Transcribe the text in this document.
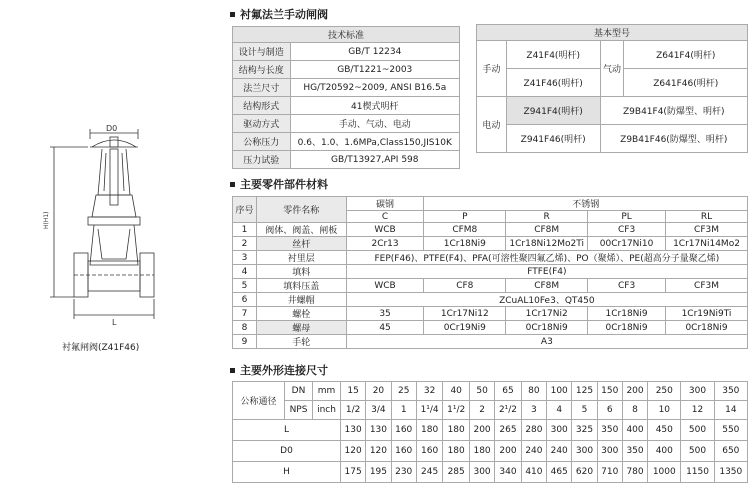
D0
H(H1)
L
衬氟闸阀(Z41F46)
衬氟法兰手动闸阀
技术标准	
设计与制造	GB/T 12234
结构与长度	GB/T1221~2003
法兰尺寸	HG/T20592~2009, ANSI B16.5a
结构形式	41楔式明杆
驱动方式	手动、气动、电动
公称压力	0.6、1.0、1.6MPa,Class150,JIS10K
压力试验	GB/T13927,API 598
基本型号			
手动	Z41F4(明杆)	气动	Z641F4(明杆)
	Z41F46(明杆)		Z641F46(明杆)
电动	Z941F4(明杆)	Z9B41F4(防爆型、明杆)	
	Z941F46(明杆)	Z9B41F46(防爆型、明杆)	
主要零件部件材料
序号	零件名称	碳钢	不锈钢			
		C	P	R	PL	RL
1	阀体、阀盖、闸板	WCB	CFM8	CF8M	CF3	CF3M
2	丝杆	2Cr13	1Cr18Ni9	1Cr18Ni12Mo2Ti	00Cr17Ni10	1Cr17Ni14Mo2
3	衬里层	FEP(F46)、PTFE(F4)、PFA(可溶性聚四氟乙烯)、PO（聚烯）、PE(超高分子量聚乙烯)				
4	填料	FTFE(F4)				
5	填料压盖	WCB	CF8	CF8M	CF3	CF3M
6	井螺帽	ZCuAL10Fe3、QT450				
7	螺栓	35	1Cr17Ni12	1Cr17Ni2	1Cr18Ni9	1Cr19Ni9Ti
8	螺母	45	0Cr19Ni9	0Cr18Ni9	0Cr18Ni9	0Cr18Ni9
9	手轮	A3				
主要外形连接尺寸
公称通径	DN	mm	15	20	25	32	40	50	65	80	100	125	150	200	250	300	350
	NPS	inch	1/2	3/4	1	1¹/4	1¹/2	2	2¹/2	3	4	5	6	8	10	12	14
L			130	130	160	180	180	200	265	280	300	325	350	400	450	500	550
D0			120	120	160	160	180	180	200	240	240	300	300	350	400	500	650
H			175	195	230	245	285	300	340	410	465	620	710	780	1000	1150	1350
